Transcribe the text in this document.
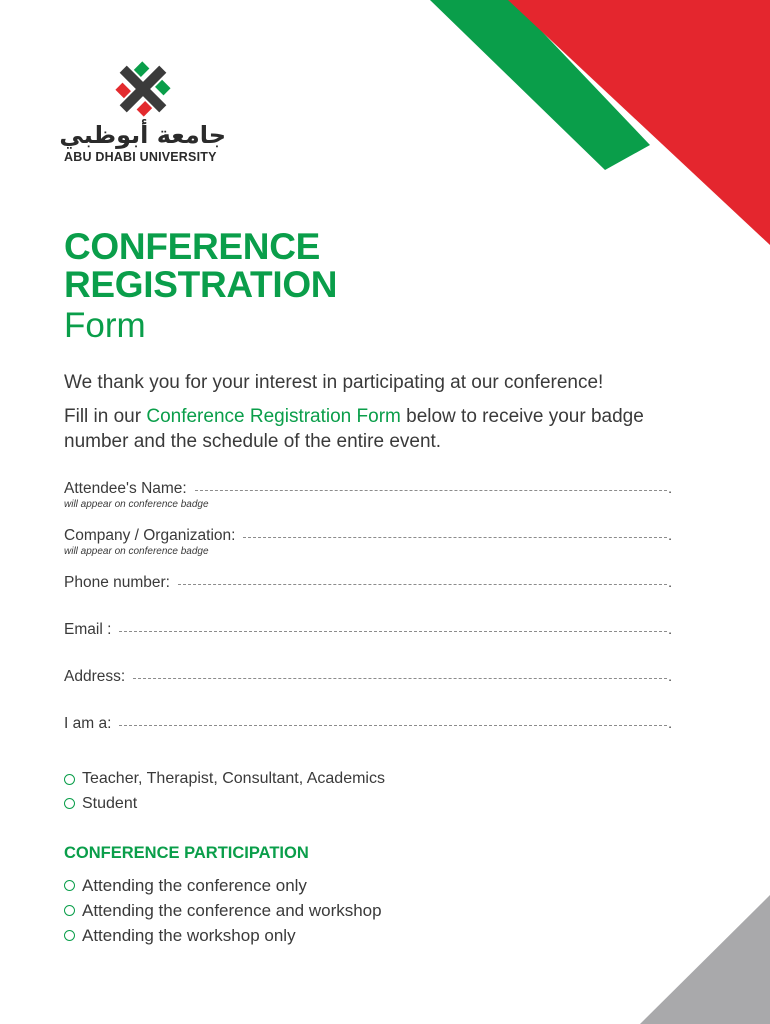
جامعة أبوظبي
ABU DHABI UNIVERSITY
CONFERENCE
REGISTRATION
Form

We thank you for your interest in participating at our conference!

Fill in our Conference Registration Form below to receive your badge number and the schedule of the entire event.

Attendee's Name:	.
will appear on conference badge
Company / Organization:	.
will appear on conference badge
Phone number:	.
Email :	.
Address:	.
I am a:	.
Teacher, Therapist, Consultant, Academics
Student
CONFERENCE PARTICIPATION
Attending the conference only
Attending the conference and workshop
Attending the workshop only
